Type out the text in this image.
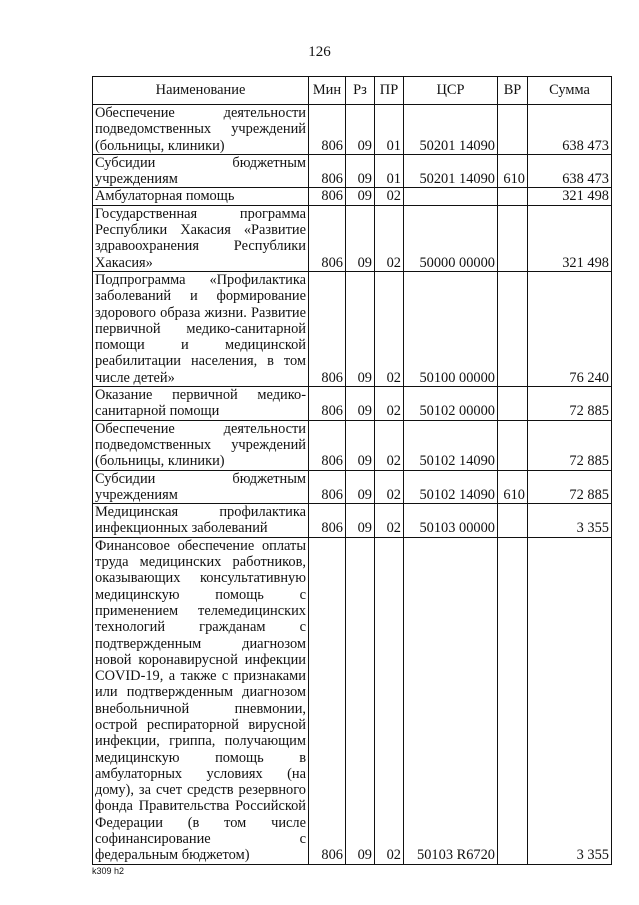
126
Наименование	Мин	Рз	ПР	ЦСР	ВР	Сумма
Обеспечение деятельности подведомственных учреждений (больницы, клиники)	806	09	01	50201 14090		638 473
Субсидии бюджетным учреждениям	806	09	01	50201 14090	610	638 473
Амбулаторная помощь	806	09	02			321 498
Государственная программа Республики Хакасия «Развитие здравоохранения Республики Хакасия»	806	09	02	50000 00000		321 498
Подпрограмма «Профилактика заболеваний и формирование здорового образа жизни. Развитие первичной медико-санитарной помощи и медицинской реабилитации населения, в том числе детей»	806	09	02	50100 00000		76 240
Оказание первичной медико-санитарной помощи	806	09	02	50102 00000		72 885
Обеспечение деятельности подведомственных учреждений (больницы, клиники)	806	09	02	50102 14090		72 885
Субсидии бюджетным учреждениям	806	09	02	50102 14090	610	72 885
Медицинская профилактика инфекционных заболеваний	806	09	02	50103 00000		3 355
Финансовое обеспечение оплаты труда медицинских работников, оказывающих консультативную медицинскую помощь с применением телемедицинских технологий гражданам с подтвержденным диагнозом новой коронавирусной инфекции COVID-19, а также с признаками или подтвержденным диагнозом внебольничной пневмонии, острой респираторной вирусной инфекции, гриппа, получающим медицинскую помощь в амбулаторных условиях (на дому), за счет средств резервного фонда Правительства Российской Федерации (в том числе софинансирование с федеральным бюджетом)	806	09	02	50103 R6720		3 355
k309 h2
